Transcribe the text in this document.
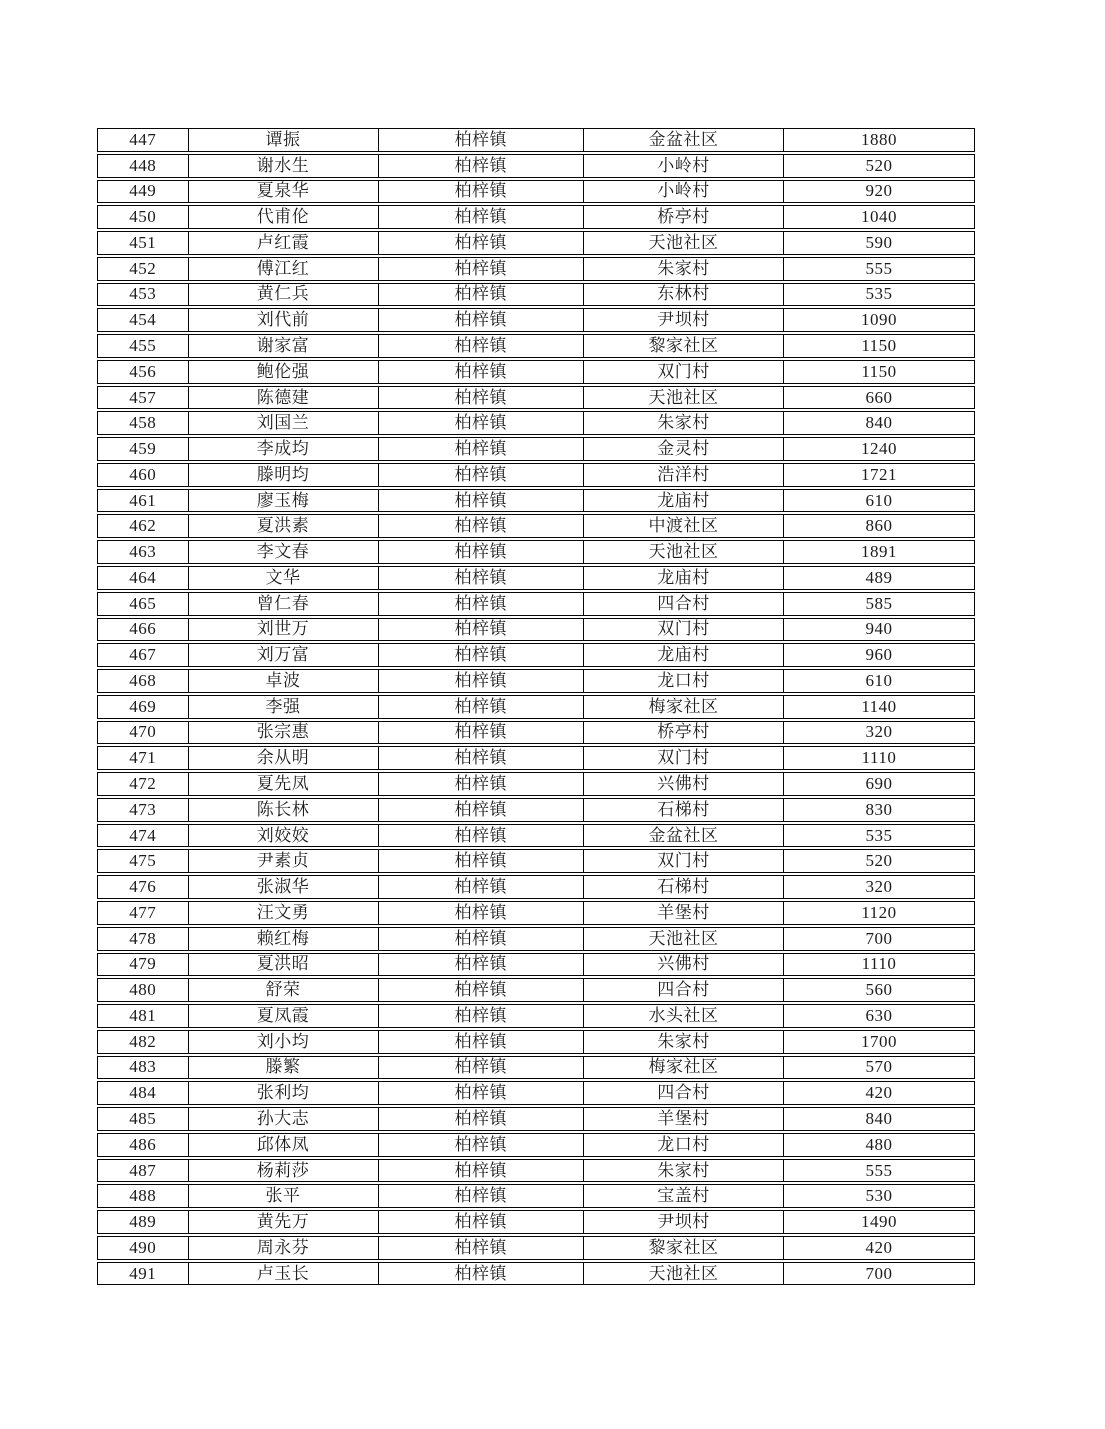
447	谭振	柏梓镇	金盆社区	1880
448	谢水生	柏梓镇	小岭村	520
449	夏泉华	柏梓镇	小岭村	920
450	代甫伦	柏梓镇	桥亭村	1040
451	卢红霞	柏梓镇	天池社区	590
452	傅江红	柏梓镇	朱家村	555
453	黄仁兵	柏梓镇	东林村	535
454	刘代前	柏梓镇	尹坝村	1090
455	谢家富	柏梓镇	黎家社区	1150
456	鲍伦强	柏梓镇	双门村	1150
457	陈德建	柏梓镇	天池社区	660
458	刘国兰	柏梓镇	朱家村	840
459	李成均	柏梓镇	金灵村	1240
460	滕明均	柏梓镇	浩洋村	1721
461	廖玉梅	柏梓镇	龙庙村	610
462	夏洪素	柏梓镇	中渡社区	860
463	李文春	柏梓镇	天池社区	1891
464	文华	柏梓镇	龙庙村	489
465	曾仁春	柏梓镇	四合村	585
466	刘世万	柏梓镇	双门村	940
467	刘万富	柏梓镇	龙庙村	960
468	卓波	柏梓镇	龙口村	610
469	李强	柏梓镇	梅家社区	1140
470	张宗惠	柏梓镇	桥亭村	320
471	余从明	柏梓镇	双门村	1110
472	夏先凤	柏梓镇	兴佛村	690
473	陈长林	柏梓镇	石梯村	830
474	刘姣姣	柏梓镇	金盆社区	535
475	尹素贞	柏梓镇	双门村	520
476	张淑华	柏梓镇	石梯村	320
477	汪文勇	柏梓镇	羊堡村	1120
478	赖红梅	柏梓镇	天池社区	700
479	夏洪昭	柏梓镇	兴佛村	1110
480	舒荣	柏梓镇	四合村	560
481	夏凤霞	柏梓镇	水头社区	630
482	刘小均	柏梓镇	朱家村	1700
483	滕繁	柏梓镇	梅家社区	570
484	张利均	柏梓镇	四合村	420
485	孙大志	柏梓镇	羊堡村	840
486	邱体凤	柏梓镇	龙口村	480
487	杨莉莎	柏梓镇	朱家村	555
488	张平	柏梓镇	宝盖村	530
489	黄先万	柏梓镇	尹坝村	1490
490	周永芬	柏梓镇	黎家社区	420
491	卢玉长	柏梓镇	天池社区	700
